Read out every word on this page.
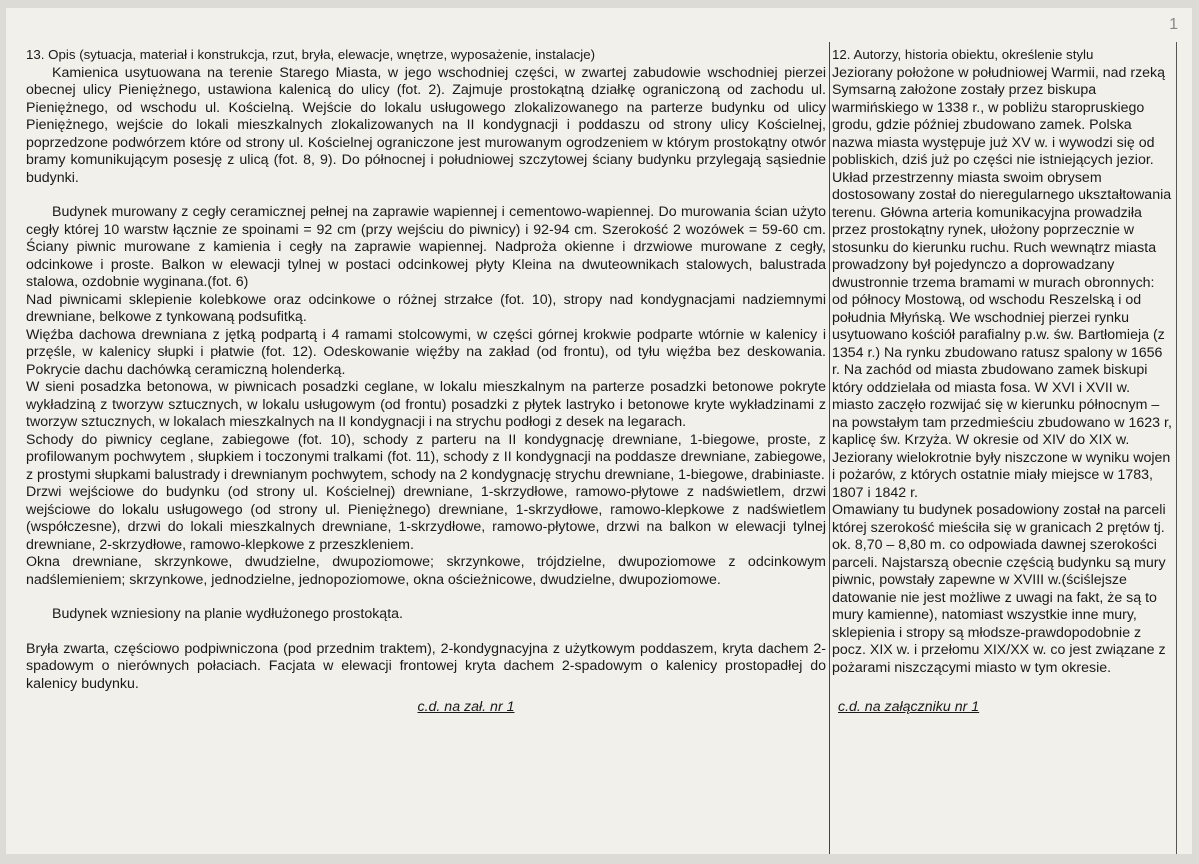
1
13. Opis (sytuacja, materiał i konstrukcja, rzut, bryła, elewacje, wnętrze, wyposażenie, instalacje)

Kamienica usytuowana na terenie Starego Miasta, w jego wschodniej części, w zwartej zabudowie wschodniej pierzei obecnej ulicy Pieniężnego, ustawiona kalenicą do ulicy (fot. 2). Zajmuje prostokątną działkę ograniczoną od zachodu ul. Pieniężnego, od wschodu ul. Kościelną. Wejście do lokalu usługowego zlokalizowanego na parterze budynku od ulicy Pieniężnego, wejście do lokali mieszkalnych zlokalizowanych na II kondygnacji i poddaszu od strony ulicy Kościelnej, poprzedzone podwórzem które od strony ul. Kościelnej ograniczone jest murowanym ogrodzeniem w którym prostokątny otwór bramy komunikującym posesję z ulicą (fot. 8, 9). Do północnej i południowej szczytowej ściany budynku przylegają sąsiednie budynki.

Budynek murowany z cegły ceramicznej pełnej na zaprawie wapiennej i cementowo-wapiennej. Do murowania ścian użyto cegły której 10 warstw łącznie ze spoinami = 92 cm (przy wejściu do piwnicy) i 92-94 cm. Szerokość 2 wozówek = 59-60 cm. Ściany piwnic murowane z kamienia i cegły na zaprawie wapiennej. Nadproża okienne i drzwiowe murowane z cegły, odcinkowe i proste. Balkon w elewacji tylnej w postaci odcinkowej płyty Kleina na dwuteownikach stalowych, balustrada stalowa, ozdobnie wyginana.(fot. 6)

Nad piwnicami sklepienie kolebkowe oraz odcinkowe o różnej strzałce (fot. 10), stropy nad kondygnacjami nadziemnymi drewniane, belkowe z tynkowaną podsufitką.

Więźba dachowa drewniana z jętką podpartą i 4 ramami stolcowymi, w części górnej krokwie podparte wtórnie w kalenicy i przęśle, w kalenicy słupki i płatwie (fot. 12). Odeskowanie więźby na zakład (od frontu), od tyłu więźba bez deskowania. Pokrycie dachu dachówką ceramiczną holenderką.

W sieni posadzka betonowa, w piwnicach posadzki ceglane, w lokalu mieszkalnym na parterze posadzki betonowe pokryte wykładziną z tworzyw sztucznych, w lokalu usługowym (od frontu) posadzki z płytek lastryko i betonowe kryte wykładzinami z tworzyw sztucznych, w lokalach mieszkalnych na II kondygnacji i na strychu podłogi z desek na legarach.

Schody do piwnicy ceglane, zabiegowe (fot. 10), schody z parteru na II kondygnację drewniane, 1-biegowe, proste, z profilowanym pochwytem , słupkiem i toczonymi tralkami (fot. 11), schody z II kondygnacji na poddasze drewniane, zabiegowe, z prostymi słupkami balustrady i drewnianym pochwytem, schody na 2 kondygnację strychu drewniane, 1-biegowe, drabiniaste.

Drzwi wejściowe do budynku (od strony ul. Kościelnej) drewniane, 1-skrzydłowe, ramowo-płytowe z nadświetlem, drzwi wejściowe do lokalu usługowego (od strony ul. Pieniężnego) drewniane, 1-skrzydłowe, ramowo-klepkowe z nadświetlem (współczesne), drzwi do lokali mieszkalnych drewniane, 1-skrzydłowe, ramowo-płytowe, drzwi na balkon w elewacji tylnej drewniane, 2-skrzydłowe, ramowo-klepkowe z przeszkleniem.

Okna drewniane, skrzynkowe, dwudzielne, dwupoziomowe; skrzynkowe, trójdzielne, dwupoziomowe z odcinkowym nadślemieniem; skrzynkowe, jednodzielne, jednopoziomowe, okna ościeżnicowe, dwudzielne, dwupoziomowe.

Budynek wzniesiony na planie wydłużonego prostokąta.

Bryła zwarta, częściowo podpiwniczona (pod przednim traktem), 2-kondygnacyjna z użytkowym poddaszem, kryta dachem 2-spadowym o nierównych połaciach. Facjata w elewacji frontowej kryta dachem 2-spadowym o kalenicy prostopadłej do kalenicy budynku.

c.d. na zał. nr 1
12. Autorzy, historia obiektu, określenie stylu

Jeziorany położone w południowej Warmii, nad rzeką Symsarną założone zostały przez biskupa warmińskiego w 1338 r., w pobliżu staropruskiego grodu, gdzie później zbudowano zamek. Polska nazwa miasta występuje już XV w. i wywodzi się od pobliskich, dziś już po części nie istniejących jezior. Układ przestrzenny miasta swoim obrysem dostosowany został do nieregularnego ukształtowania terenu. Główna arteria komunikacyjna prowadziła przez prostokątny rynek, ułożony poprzecznie w stosunku do kierunku ruchu. Ruch wewnątrz miasta prowadzony był pojedynczo a doprowadzany dwustronnie trzema bramami w murach obronnych: od północy Mostową, od wschodu Reszelską i od południa Młyńską. We wschodniej pierzei rynku usytuowano kościół parafialny p.w. św. Bartłomieja (z 1354 r.) Na rynku zbudowano ratusz spalony w 1656 r. Na zachód od miasta zbudowano zamek biskupi który oddzielała od miasta fosa. W XVI i XVII w. miasto zaczęło rozwijać się w kierunku północnym – na powstałym tam przedmieściu zbudowano w 1623 r, kaplicę św. Krzyża. W okresie od XIV do XIX w. Jeziorany wielokrotnie były niszczone w wyniku wojen i pożarów, z których ostatnie miały miejsce w 1783, 1807 i 1842 r.

Omawiany tu budynek posadowiony został na parceli której szerokość mieściła się w granicach 2 prętów tj. ok. 8,70 – 8,80 m. co odpowiada dawnej szerokości parceli. Najstarszą obecnie częścią budynku są mury piwnic, powstały zapewne w XVIII w.(ściślejsze datowanie nie jest możliwe z uwagi na fakt, że są to mury kamienne), natomiast wszystkie inne mury, sklepienia i stropy są młodsze-prawdopodobnie z pocz. XIX w. i przełomu XIX/XX w. co jest związane z pożarami niszczącymi miasto w tym okresie.

c.d. na załączniku nr 1
